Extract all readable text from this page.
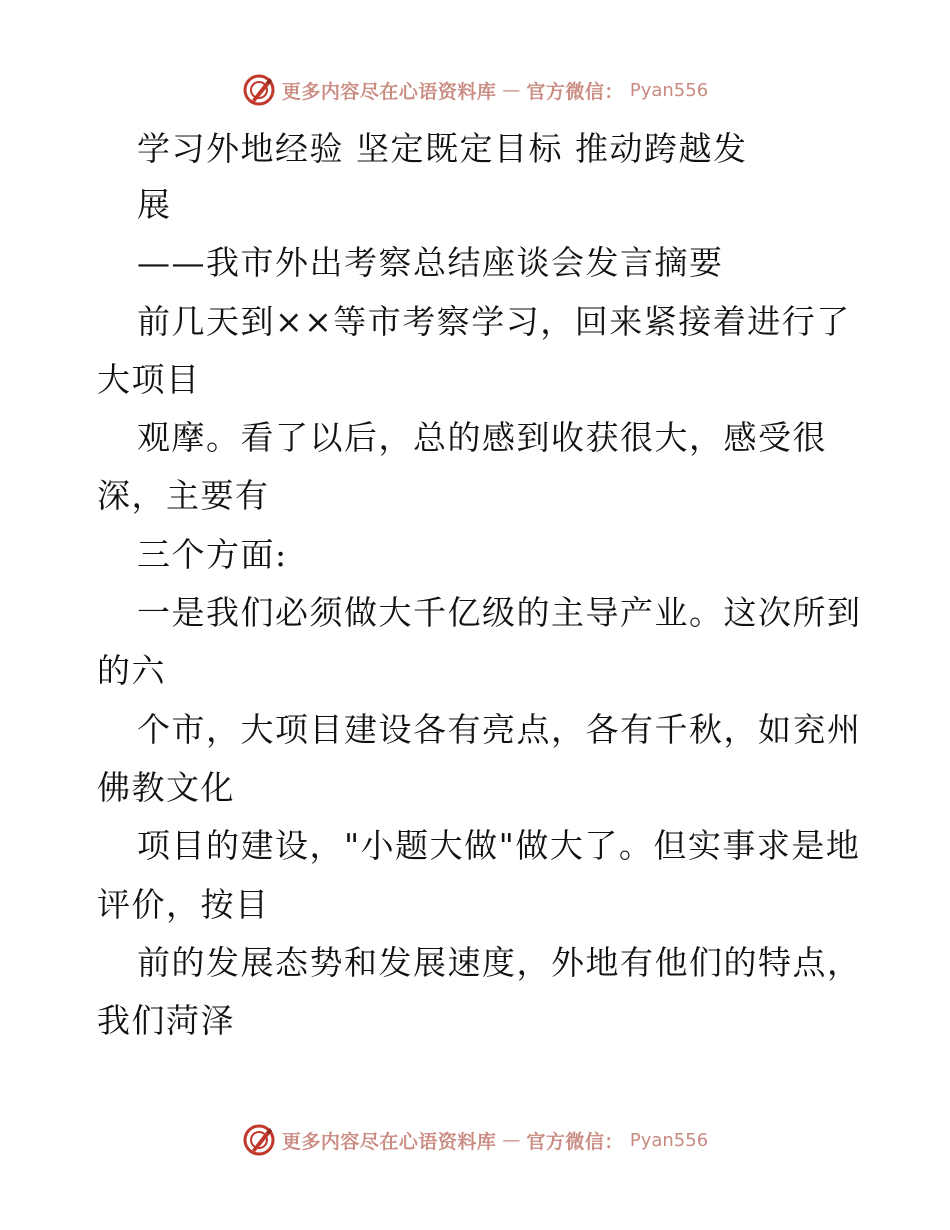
更多内容尽在心语资料库 — 官方微信： Pyan556
学习外地经验 坚定既定目标 推动跨越发
展
——我市外出考察总结座谈会发言摘要
前几天到××等市考察学习，回来紧接着进行了
大项目
观摩。看了以后，总的感到收获很大，感受很
深，主要有
三个方面:
一是我们必须做大千亿级的主导产业。这次所到
的六
个市，大项目建设各有亮点，各有千秋，如兖州
佛教文化
项目的建设，"小题大做"做大了。但实事求是地
评价，按目
前的发展态势和发展速度，外地有他们的特点，
我们菏泽
更多内容尽在心语资料库 — 官方微信： Pyan556
